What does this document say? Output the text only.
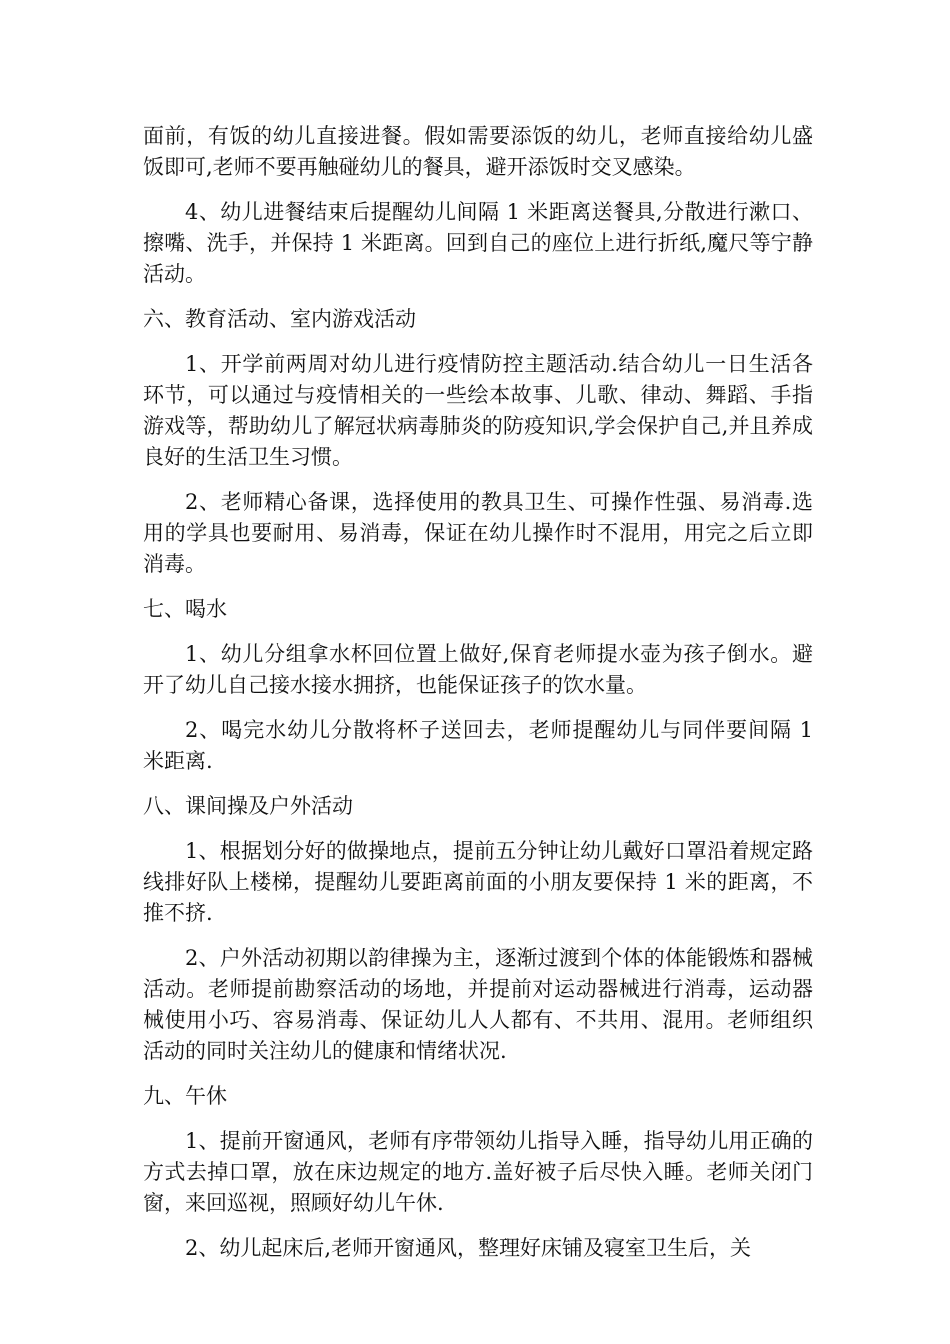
面前，有饭的幼儿直接进餐。假如需要添饭的幼儿，老师直接给幼儿盛饭即可,老师不要再触碰幼儿的餐具，避开添饭时交叉感染。

4、幼儿进餐结束后提醒幼儿间隔 1 米距离送餐具,分散进行漱口、擦嘴、洗手，并保持 1 米距离。回到自己的座位上进行折纸,魔尺等宁静活动。

六、教育活动、室内游戏活动

1、开学前两周对幼儿进行疫情防控主题活动.结合幼儿一日生活各环节，可以通过与疫情相关的一些绘本故事、儿歌、律动、舞蹈、手指游戏等，帮助幼儿了解冠状病毒肺炎的防疫知识,学会保护自己,并且养成良好的生活卫生习惯。

2、老师精心备课，选择使用的教具卫生、可操作性强、易消毒.选用的学具也要耐用、易消毒，保证在幼儿操作时不混用，用完之后立即消毒。

七、喝水

1、幼儿分组拿水杯回位置上做好,保育老师提水壶为孩子倒水。避开了幼儿自己接水接水拥挤，也能保证孩子的饮水量。

2、喝完水幼儿分散将杯子送回去，老师提醒幼儿与同伴要间隔 1 米距离.

八、课间操及户外活动

1、根据划分好的做操地点，提前五分钟让幼儿戴好口罩沿着规定路线排好队上楼梯，提醒幼儿要距离前面的小朋友要保持 1 米的距离，不推不挤.

2、户外活动初期以韵律操为主，逐渐过渡到个体的体能锻炼和器械活动。老师提前勘察活动的场地，并提前对运动器械进行消毒，运动器械使用小巧、容易消毒、保证幼儿人人都有、不共用、混用。老师组织活动的同时关注幼儿的健康和情绪状况.

九、午休

1、提前开窗通风，老师有序带领幼儿指导入睡，指导幼儿用正确的方式去掉口罩，放在床边规定的地方.盖好被子后尽快入睡。老师关闭门窗，来回巡视，照顾好幼儿午休.

2、幼儿起床后,老师开窗通风，整理好床铺及寝室卫生后，关
